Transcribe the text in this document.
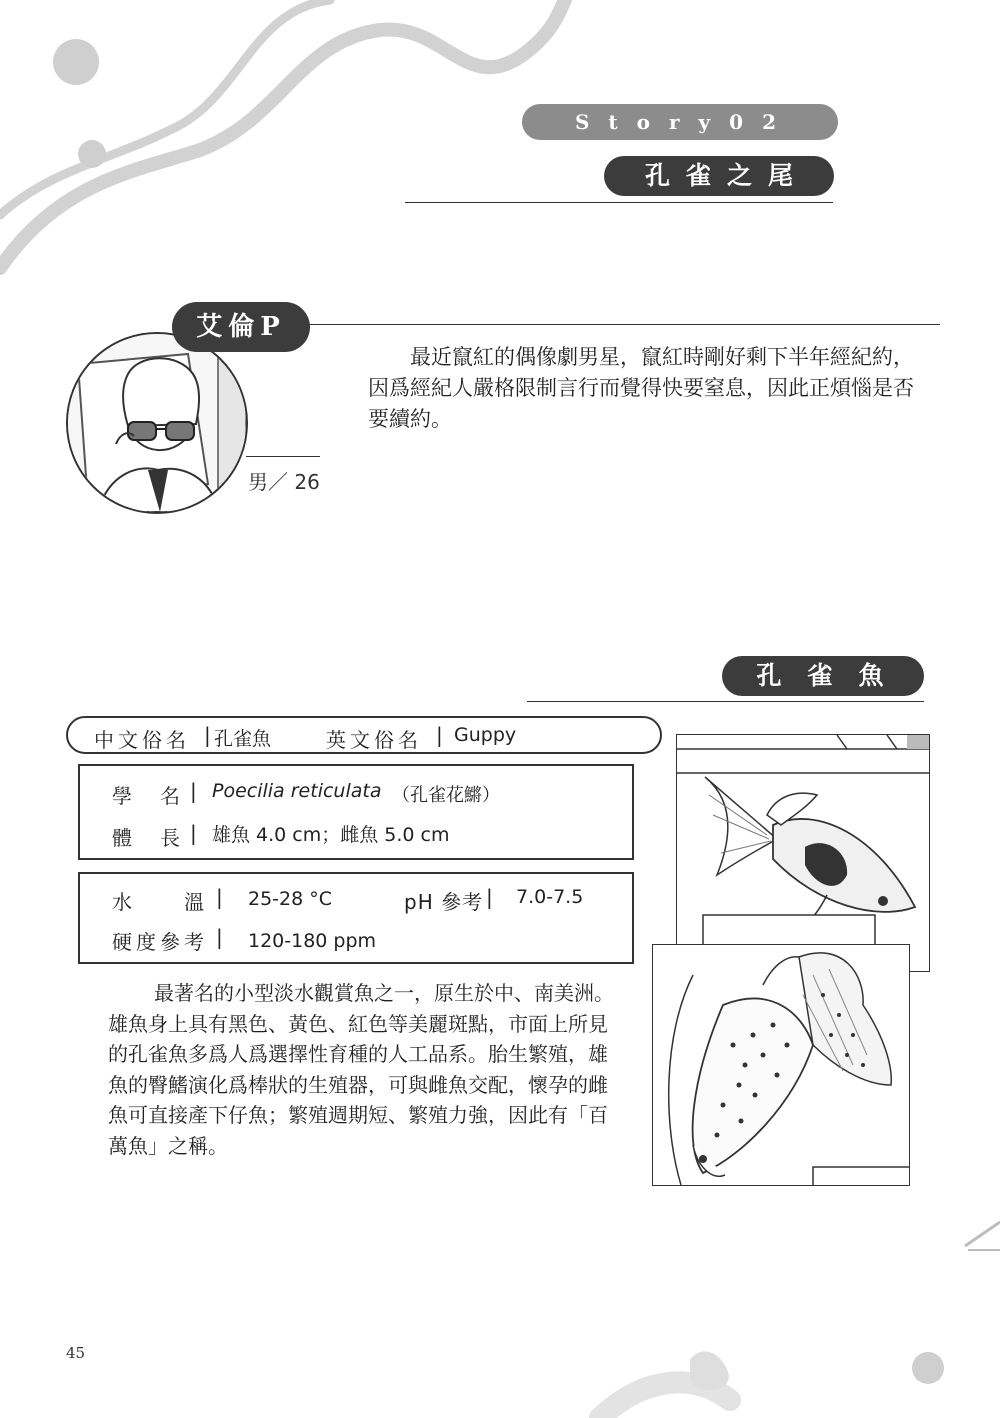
Story02
孔雀之尾
艾倫P
男／ 26
最近竄紅的偶像劇男星，竄紅時剛好剩下半年經紀約，因爲經紀人嚴格限制言行而覺得快要窒息，因此正煩惱是否要續約。
孔雀魚
中文俗名 | 孔雀魚	英文俗名 | Guppy
學　名 | Poecilia reticulata （孔雀花鱂）
體　長 | 雄魚 4.0 cm；雌魚 5.0 cm
水　　溫 | 25-28 °C	pH 參考 | 7.0-7.5
硬度參考 | 120-180 ppm
最著名的小型淡水觀賞魚之一，原生於中、南美洲。雄魚身上具有黑色、黃色、紅色等美麗斑點，市面上所見的孔雀魚多爲人爲選擇性育種的人工品系。胎生繁殖，雄魚的臀鰭演化爲棒狀的生殖器，可與雌魚交配，懷孕的雌魚可直接產下仔魚；繁殖週期短、繁殖力強，因此有「百萬魚」之稱。
45
